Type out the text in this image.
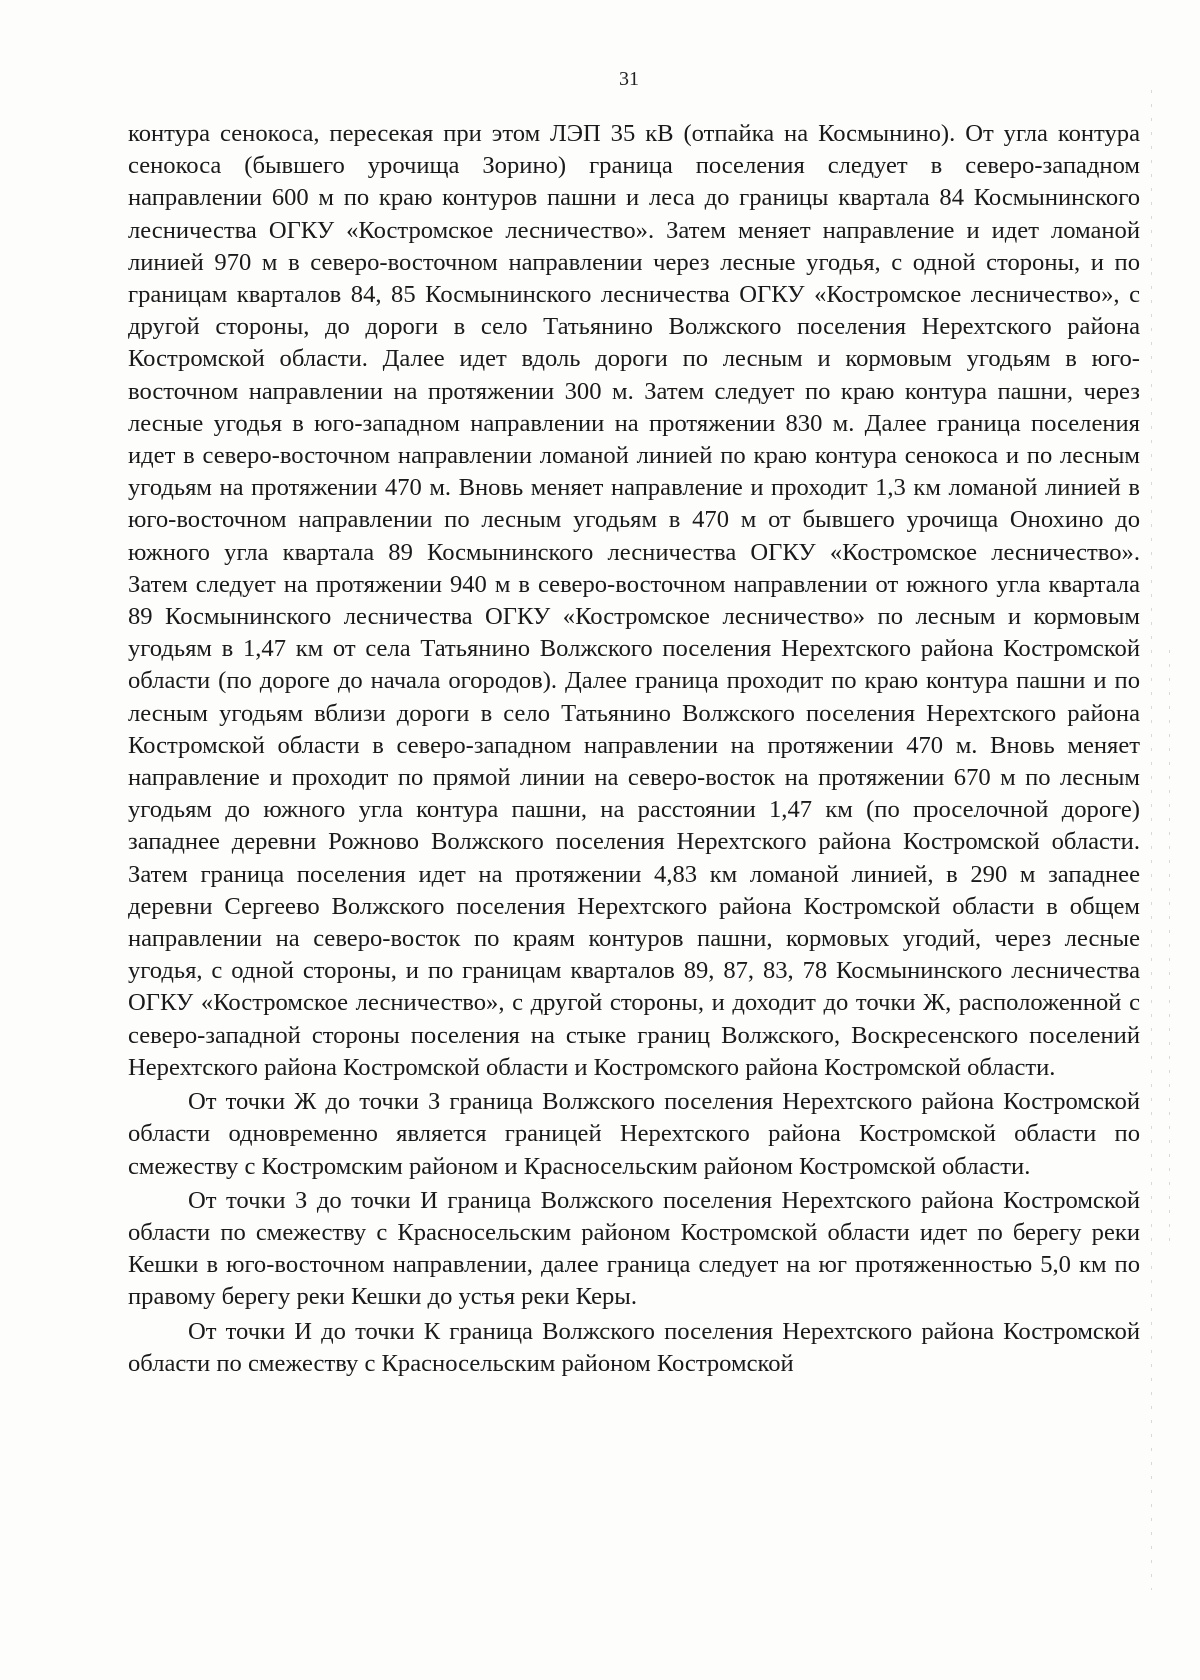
31

контура сенокоса, пересекая при этом ЛЭП 35 кВ (отпайка на Космынино). От угла контура сенокоса (бывшего урочища Зорино) граница поселения следует в северо-западном направлении 600 м по краю контуров пашни и леса до границы квартала 84 Космынинского лесничества ОГКУ «Костромское лесничество». Затем меняет направление и идет ломаной линией 970 м в северо-восточном направлении через лесные угодья, с одной стороны, и по границам кварталов 84, 85 Космынинского лесничества ОГКУ «Костромское лесничество», с другой стороны, до дороги в село Татьянино Волжского поселения Нерехтского района Костромской области. Далее идет вдоль дороги по лесным и кормовым угодьям в юго-восточном направлении на протяжении 300 м. Затем следует по краю контура пашни, через лесные угодья в юго-западном направлении на протяжении 830 м. Далее граница поселения идет в северо-восточном направлении ломаной линией по краю контура сенокоса и по лесным угодьям на протяжении 470 м. Вновь меняет направление и проходит 1,3 км ломаной линией в юго-восточном направлении по лесным угодьям в 470 м от бывшего урочища Онохино до южного угла квартала 89 Космынинского лесничества ОГКУ «Костромское лесничество». Затем следует на протяжении 940 м в северо-восточном направлении от южного угла квартала 89 Космынинского лесничества ОГКУ «Костромское лесничество» по лесным и кормовым угодьям в 1,47 км от села Татьянино Волжского поселения Нерехтского района Костромской области (по дороге до начала огородов). Далее граница проходит по краю контура пашни и по лесным угодьям вблизи дороги в село Татьянино Волжского поселения Нерехтского района Костромской области в северо-западном направлении на протяжении 470 м. Вновь меняет направление и проходит по прямой линии на северо-восток на протяжении 670 м по лесным угодьям до южного угла контура пашни, на расстоянии 1,47 км (по проселочной дороге) западнее деревни Рожново Волжского поселения Нерехтского района Костромской области. Затем граница поселения идет на протяжении 4,83 км ломаной линией, в 290 м западнее деревни Сергеево Волжского поселения Нерехтского района Костромской области в общем направлении на северо-восток по краям контуров пашни, кормовых угодий, через лесные угодья, с одной стороны, и по границам кварталов 89, 87, 83, 78 Космынинского лесничества ОГКУ «Костромское лесничество», с другой стороны, и доходит до точки Ж, расположенной с северо-западной стороны поселения на стыке границ Волжского, Воскресенского поселений Нерехтского района Костромской области и Костромского района Костромской области.

От точки Ж до точки З граница Волжского поселения Нерехтского района Костромской области одновременно является границей Нерехтского района Костромской области по смежеству с Костромским районом и Красносельским районом Костромской области.

От точки З до точки И граница Волжского поселения Нерехтского района Костромской области по смежеству с Красносельским районом Костромской области идет по берегу реки Кешки в юго-восточном направлении, далее граница следует на юг протяженностью 5,0 км по правому берегу реки Кешки до устья реки Керы.

От точки И до точки К граница Волжского поселения Нерехтского района Костромской области по смежеству с Красносельским районом Костромской
